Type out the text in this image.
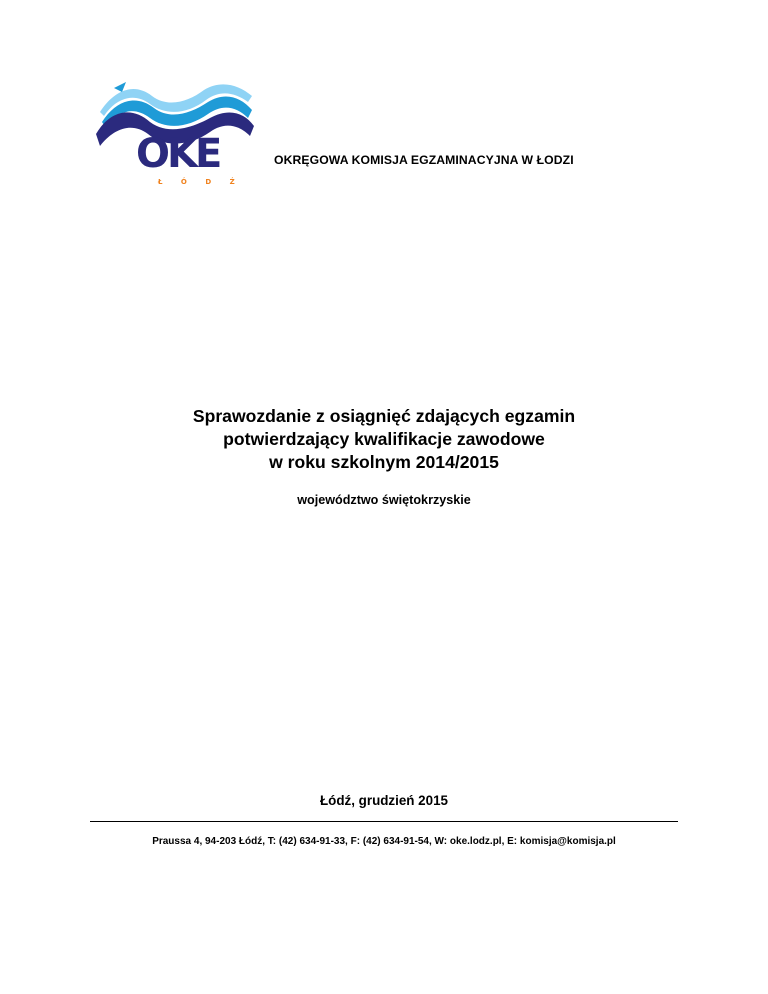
OKE
Ł Ó D Ź
OKRĘGOWA KOMISJA EGZAMINACYJNA W ŁODZI
Sprawozdanie z osiągnięć zdających egzamin
potwierdzający kwalifikacje zawodowe
w roku szkolnym 2014/2015
województwo świętokrzyskie
Łódź, grudzień 2015
Praussa 4, 94-203 Łódź, T: (42) 634-91-33, F: (42) 634-91-54, W: oke.lodz.pl, E: komisja@komisja.pl
